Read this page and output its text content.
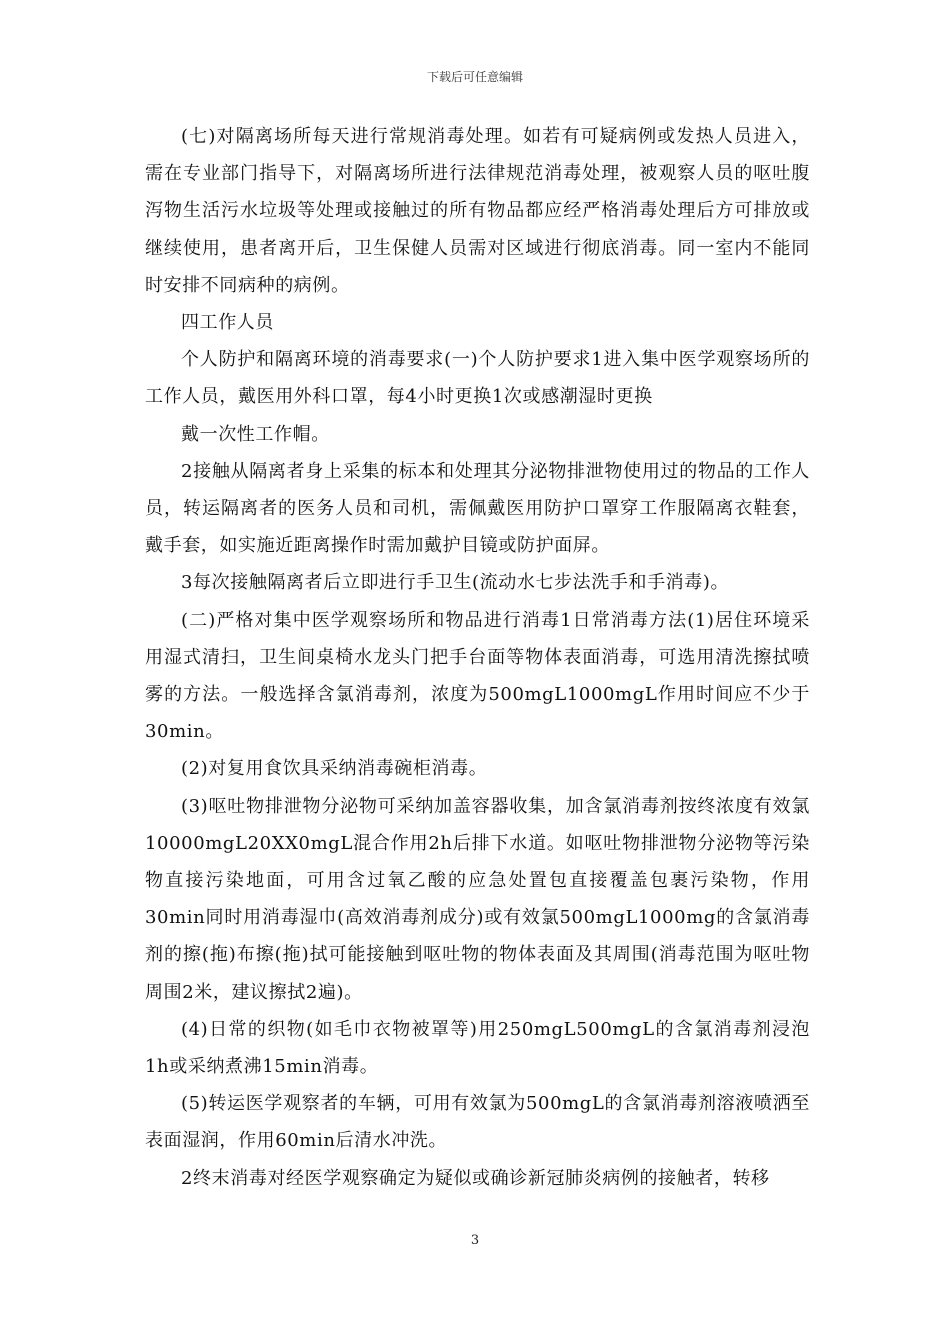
下载后可任意编辑

(七)对隔离场所每天进行常规消毒处理。如若有可疑病例或发热人员进入，需在专业部门指导下，对隔离场所进行法律规范消毒处理，被观察人员的呕吐腹泻物生活污水垃圾等处理或接触过的所有物品都应经严格消毒处理后方可排放或继续使用，患者离开后，卫生保健人员需对区域进行彻底消毒。同一室内不能同时安排不同病种的病例。

四工作人员

个人防护和隔离环境的消毒要求(一)个人防护要求1进入集中医学观察场所的工作人员，戴医用外科口罩，每4小时更换1次或感潮湿时更换

戴一次性工作帽。

2接触从隔离者身上采集的标本和处理其分泌物排泄物使用过的物品的工作人员，转运隔离者的医务人员和司机，需佩戴医用防护口罩穿工作服隔离衣鞋套，戴手套，如实施近距离操作时需加戴护目镜或防护面屏。

3每次接触隔离者后立即进行手卫生(流动水七步法洗手和手消毒)。

(二)严格对集中医学观察场所和物品进行消毒1日常消毒方法(1)居住环境采用湿式清扫，卫生间桌椅水龙头门把手台面等物体表面消毒，可选用清洗擦拭喷雾的方法。一般选择含氯消毒剂，浓度为500mgL1000mgL作用时间应不少于30min。

(2)对复用食饮具采纳消毒碗柜消毒。

(3)呕吐物排泄物分泌物可采纳加盖容器收集，加含氯消毒剂按终浓度有效氯10000mgL20XX0mgL混合作用2h后排下水道。如呕吐物排泄物分泌物等污染物直接污染地面，可用含过氧乙酸的应急处置包直接覆盖包裹污染物，作用30min同时用消毒湿巾(高效消毒剂成分)或有效氯500mgL1000mg的含氯消毒剂的擦(拖)布擦(拖)拭可能接触到呕吐物的物体表面及其周围(消毒范围为呕吐物周围2米，建议擦拭2遍)。

(4)日常的织物(如毛巾衣物被罩等)用250mgL500mgL的含氯消毒剂浸泡1h或采纳煮沸15min消毒。

(5)转运医学观察者的车辆，可用有效氯为500mgL的含氯消毒剂溶液喷洒至表面湿润，作用60min后清水冲洗。

2终末消毒对经医学观察确定为疑似或确诊新冠肺炎病例的接触者，转移

3
